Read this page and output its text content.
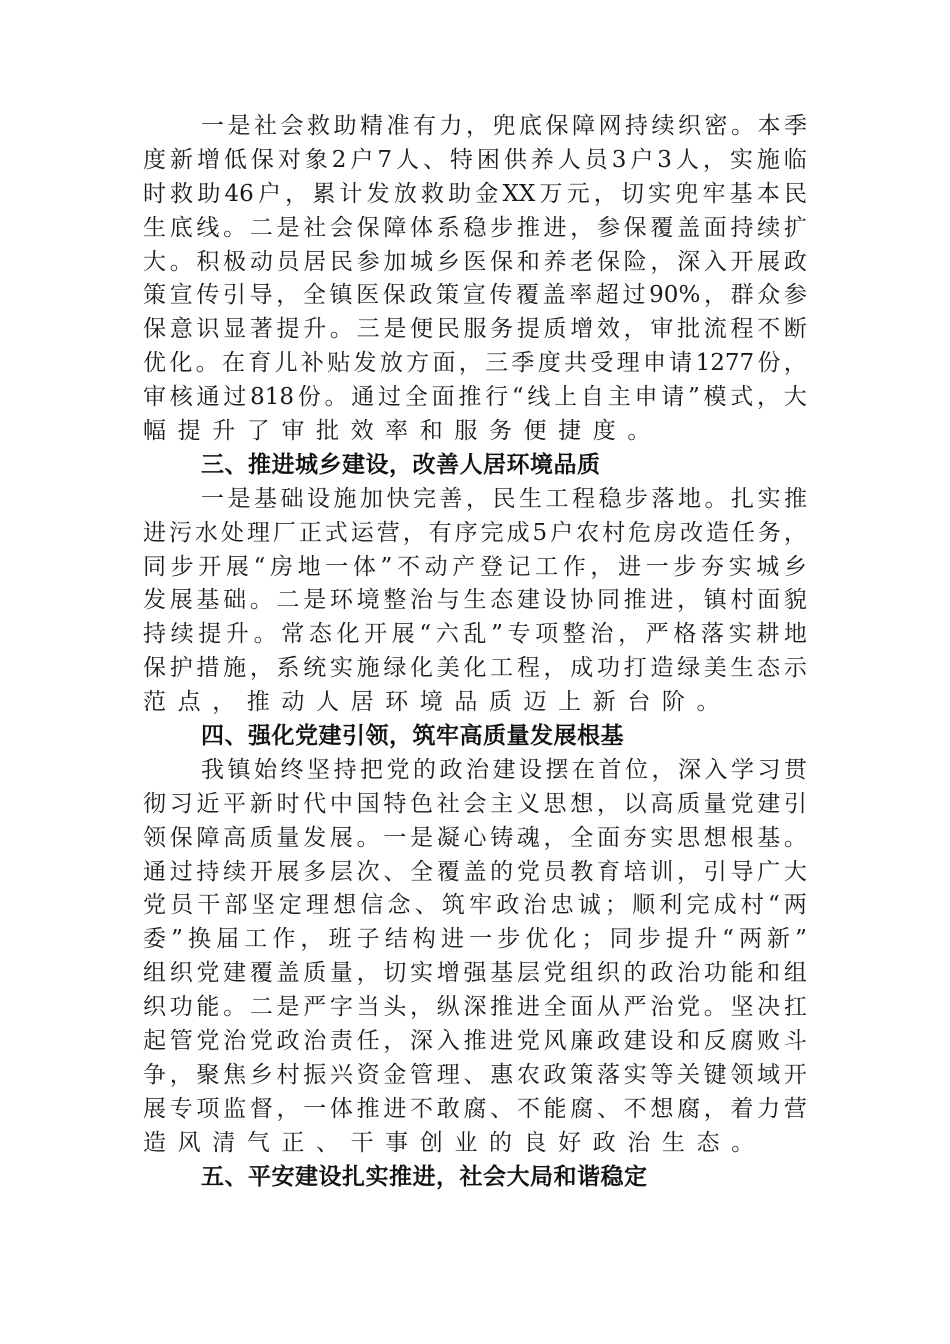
一 是 社 会 救 助 精 准 有 力 ， 兜 底 保 障 网 持 续 织 密 。 本 季
度 新 增 低 保 对 象 2 户 7 人 、 特 困 供 养 人 员 3 户 3 人 ， 实 施 临
时 救 助 46 户 ， 累 计 发 放 救 助 金 XX 万 元 ， 切 实 兜 牢 基 本 民
生 底 线 。 二 是 社 会 保 障 体 系 稳 步 推 进 ， 参 保 覆 盖 面 持 续 扩
大 。 积 极 动 员 居 民 参 加 城 乡 医 保 和 养 老 保 险 ， 深 入 开 展 政
策 宣 传 引 导 ， 全 镇 医 保 政 策 宣 传 覆 盖 率 超 过 90% ， 群 众 参
保 意 识 显 著 提 升 。 三 是 便 民 服 务 提 质 增 效 ， 审 批 流 程 不 断
优 化 。 在 育 儿 补 贴 发 放 方 面 ， 三 季 度 共 受 理 申 请 1277 份 ，
审 核 通 过 818 份 。 通 过 全 面 推 行 “ 线 上 自 主 申 请 ” 模 式 ， 大
幅 提 升 了 审 批 效 率 和 服 务 便 捷 度 。
三、推进城乡建设，改善人居环境品质
一 是 基 础 设 施 加 快 完 善 ， 民 生 工 程 稳 步 落 地 。 扎 实 推
进 污 水 处 理 厂 正 式 运 营 ， 有 序 完 成 5 户 农 村 危 房 改 造 任 务 ，
同 步 开 展 “ 房 地 一 体 ” 不 动 产 登 记 工 作 ， 进 一 步 夯 实 城 乡
发 展 基 础 。 二 是 环 境 整 治 与 生 态 建 设 协 同 推 进 ， 镇 村 面 貌
持 续 提 升 。 常 态 化 开 展 “ 六 乱 ” 专 项 整 治 ， 严 格 落 实 耕 地
保 护 措 施 ， 系 统 实 施 绿 化 美 化 工 程 ， 成 功 打 造 绿 美 生 态 示
范 点 ， 推 动 人 居 环 境 品 质 迈 上 新 台 阶 。
四、强化党建引领，筑牢高质量发展根基
我 镇 始 终 坚 持 把 党 的 政 治 建 设 摆 在 首 位 ， 深 入 学 习 贯
彻 习 近 平 新 时 代 中 国 特 色 社 会 主 义 思 想 ， 以 高 质 量 党 建 引
领 保 障 高 质 量 发 展 。 一 是 凝 心 铸 魂 ， 全 面 夯 实 思 想 根 基 。
通 过 持 续 开 展 多 层 次 、 全 覆 盖 的 党 员 教 育 培 训 ， 引 导 广 大
党 员 干 部 坚 定 理 想 信 念 、 筑 牢 政 治 忠 诚 ； 顺 利 完 成 村 “ 两
委 ” 换 届 工 作 ， 班 子 结 构 进 一 步 优 化 ； 同 步 提 升 “ 两 新 ”
组 织 党 建 覆 盖 质 量 ， 切 实 增 强 基 层 党 组 织 的 政 治 功 能 和 组
织 功 能 。 二 是 严 字 当 头 ， 纵 深 推 进 全 面 从 严 治 党 。 坚 决 扛
起 管 党 治 党 政 治 责 任 ， 深 入 推 进 党 风 廉 政 建 设 和 反 腐 败 斗
争 ， 聚 焦 乡 村 振 兴 资 金 管 理 、 惠 农 政 策 落 实 等 关 键 领 域 开
展 专 项 监 督 ， 一 体 推 进 不 敢 腐 、 不 能 腐 、 不 想 腐 ， 着 力 营
造 风 清 气 正 、 干 事 创 业 的 良 好 政 治 生 态 。
五、平安建设扎实推进，社会大局和谐稳定
